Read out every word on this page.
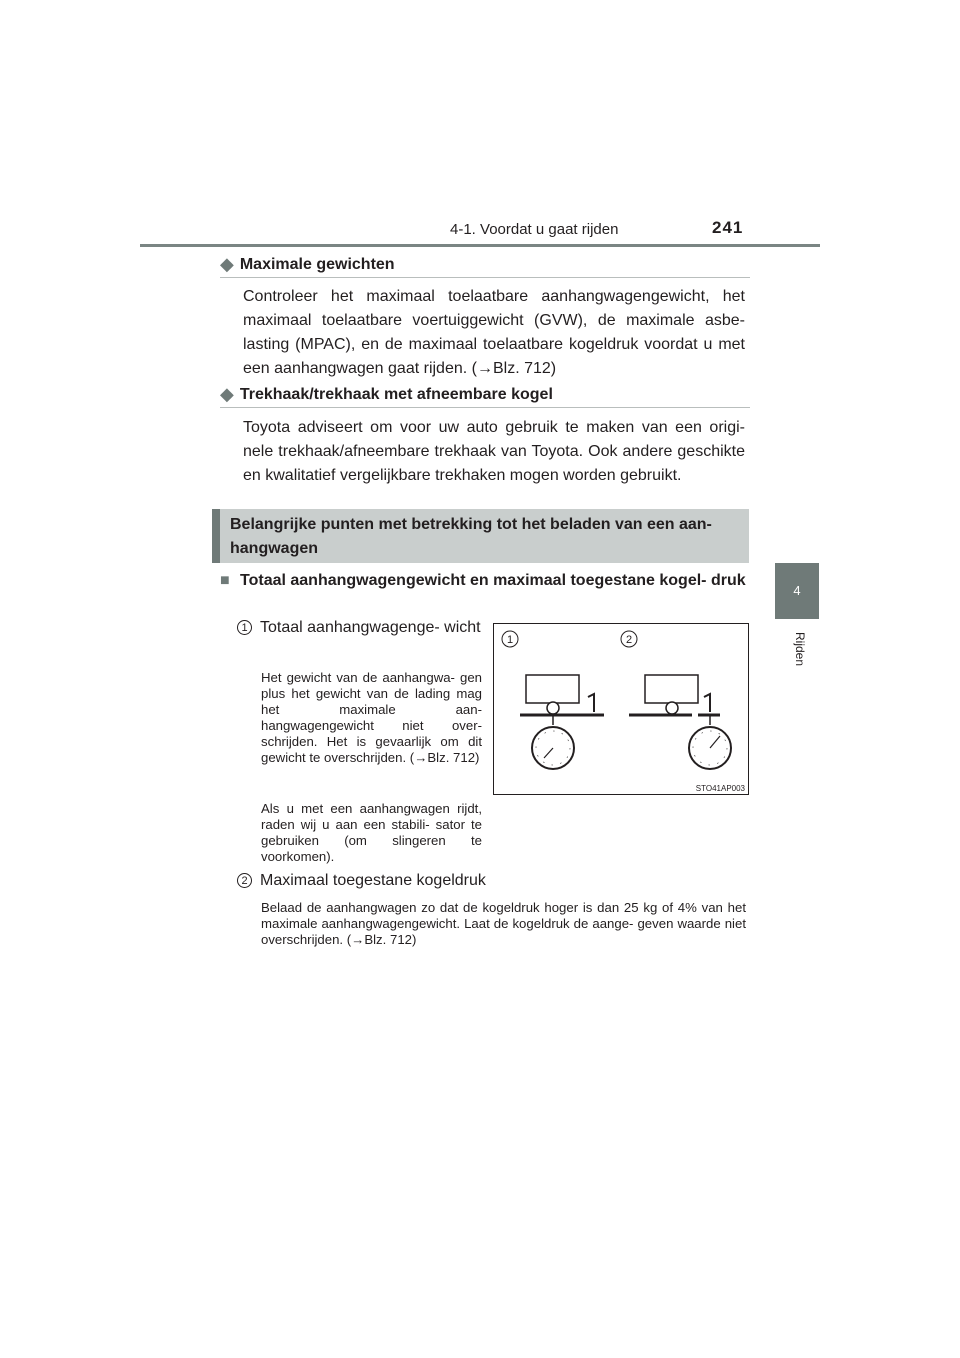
4-1. Voordat u gaat rijden	241
4
Rijden
◆ Maximale gewichten
Controleer het maximaal toelaatbare aanhangwagengewicht, het maximaal toelaatbare voertuiggewicht (GVW), de maximale asbe- lasting (MPAC), en de maximaal toelaatbare kogeldruk voordat u met een aanhangwagen gaat rijden. (→Blz. 712)
◆ Trekhaak/trekhaak met afneembare kogel
Toyota adviseert om voor uw auto gebruik te maken van een origi- nele trekhaak/afneembare trekhaak van Toyota. Ook andere geschikte en kwalitatief vergelijkbare trekhaken mogen worden gebruikt.
Belangrijke punten met betrekking tot het beladen van een aan- hangwagen
■ Totaal aanhangwagengewicht en maximaal toegestane kogel- druk
1 Totaal aanhangwagenge- wicht
Het gewicht van de aanhangwa- gen plus het gewicht van de lading mag het maximale aan- hangwagengewicht niet over- schrijden. Het is gevaarlijk om dit gewicht te overschrijden. (→Blz. 712)
Als u met een aanhangwagen rijdt, raden wij u aan een stabili- sator te gebruiken (om slingeren te voorkomen).
1	2
STO41AP003
2 Maximaal toegestane kogeldruk
Belaad de aanhangwagen zo dat de kogeldruk hoger is dan 25 kg of 4% van het maximale aanhangwagengewicht. Laat de kogeldruk de aange- geven waarde niet overschrijden. (→Blz. 712)
